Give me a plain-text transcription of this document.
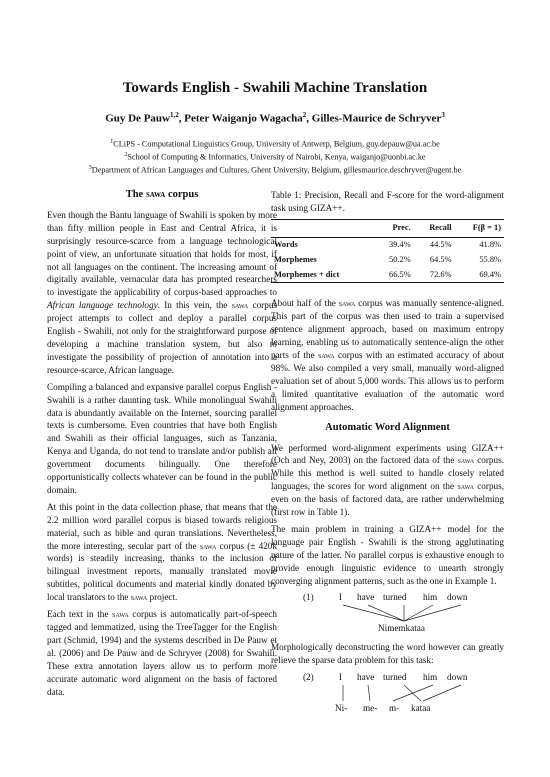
Towards English - Swahili Machine Translation
Guy De Pauw$^{1,2}$, Peter Waiganjo Wagacha$^2$, Gilles-Maurice de Schryver$^3$
$^1$CLiPS - Computational Linguistics Group, University of Antwerp, Belgium, guy.depauw@ua.ac.be
$^2$School of Computing & Informatics, University of Nairobi, Kenya, waiganjo@uonbi.ac.ke
$^3$Department of African Languages and Cultures, Ghent University, Belgium, gillesmaurice.deschryver@ugent.be
The sawa corpus

Even though the Bantu language of Swahili is spoken by more than fifty million people in East and Central Africa, it is surprisingly resource-scarce from a language technological point of view, an unfortunate situation that holds for most, if not all languages on the continent. The increasing amount of digitally available, vernacular data has prompted researchers to investigate the applicability of corpus-based approaches to African language technology. In this vein, the sawa corpus project attempts to collect and deploy a parallel corpus English - Swahili, not only for the straightforward purpose of developing a machine translation system, but also to investigate the possibility of projection of annotation into a resource-scarce, African language.

Compiling a balanced and expansive parallel corpus English - Swahili is a rather daunting task. While monolingual Swahili data is abundantly available on the Internet, sourcing parallel texts is cumbersome. Even countries that have both English and Swahili as their official languages, such as Tanzania, Kenya and Uganda, do not tend to translate and/or publish all government documents bilingually. One therefore opportunistically collects whatever can be found in the public domain.

At this point in the data collection phase, that means that the 2.2 million word parallel corpus is biased towards religious material, such as bible and quran translations. Nevertheless, the more interesting, secular part of the sawa corpus (± 420k words) is steadily increasing, thanks to the inclusion of bilingual investment reports, manually translated movie subtitles, political documents and material kindly donated by local translators to the sawa project.

Each text in the sawa corpus is automatically part-of-speech tagged and lemmatized, using the TreeTagger for the English part (Schmid, 1994) and the systems described in De Pauw et al. (2006) and De Pauw and de Schryver (2008) for Swahili. These extra annotation layers allow us to perform more accurate automatic word alignment on the basis of factored data.

Table 1: Precision, Recall and F-score for the word-alignment task using GIZA++.

	Prec.	Recall	F(β = 1)
Words	39.4%	44.5%	41.8%
Morphemes	50.2%	64.5%	55.8%
Morphemes + dict	66.5%	72.6%	69.4%

About half of the sawa corpus was manually sentence-aligned. This part of the corpus was then used to train a supervised sentence alignment approach, based on maximum entropy learning, enabling us to automatically sentence-align the other parts of the sawa corpus with an estimated accuracy of about 98%. We also compiled a very small, manually word-aligned evaluation set of about 5,000 words. This allows us to perform a limited quantitative evaluation of the automatic word alignment approaches.

Automatic Word Alignment

We performed word-alignment experiments using GIZA++ (Och and Ney, 2003) on the factored data of the sawa corpus. While this method is well suited to handle closely related languages, the scores for word alignment on the sawa corpus, even on the basis of factored data, are rather underwhelming (first row in Table 1).

The main problem in training a GIZA++ model for the language pair English - Swahili is the strong agglutinating nature of the latter. No parallel corpus is exhaustive enough to provide enough linguistic evidence to unearth strongly converging alignment patterns, such as the one in Example 1.

(1)	I have turned him down
Nimemkataa

Morphologically deconstructing the word however can greatly relieve the sparse data problem for this task:

(2)	I have turned him down
Ni- me- m- kataa
